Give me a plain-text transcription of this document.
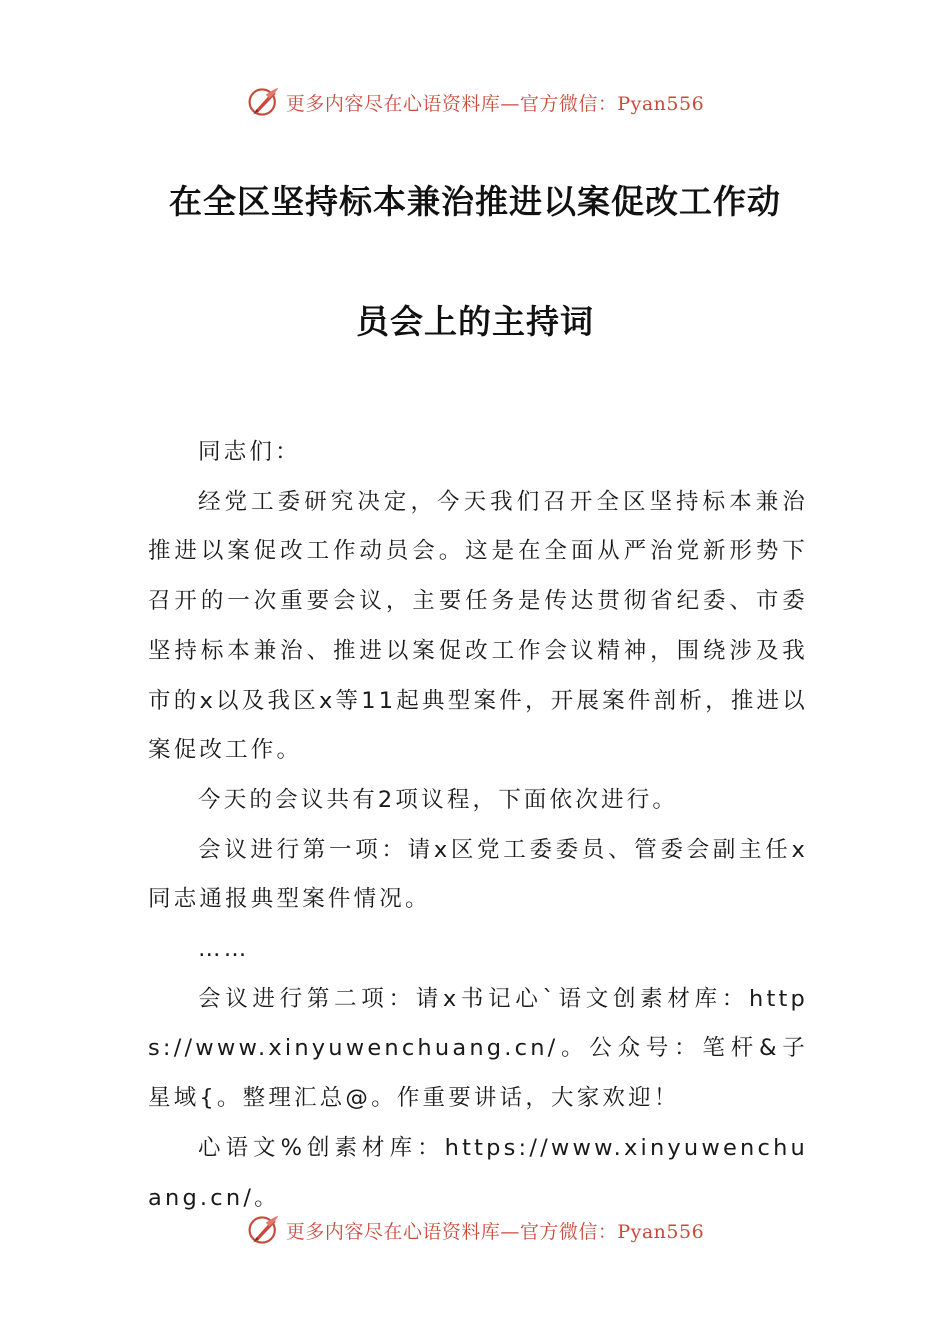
更多内容尽在心语资料库—官方微信：Pyan556
在全区坚持标本兼治推进以案促改工作动
员会上的主持词

同志们：

经党工委研究决定，今天我们召开全区坚持标本兼治推进以案促改工作动员会。这是在全面从严治党新形势下召开的一次重要会议，主要任务是传达贯彻省纪委、市委坚持标本兼治、推进以案促改工作会议精神，围绕涉及我市的x以及我区x等11起典型案件，开展案件剖析，推进以案促改工作。

今天的会议共有2项议程，下面依次进行。

会议进行第一项：请x区党工委委员、管委会副主任x同志通报典型案件情况。

……

会议进行第二项：请x书记心`语文创素材库：https://www.xinyuwenchuang.cn/。公众号：笔杆&子星域{。整理汇总@。作重要讲话，大家欢迎！

心语文%创素材库：https://www.xinyuwenchuang.cn/。

更多内容尽在心语资料库—官方微信：Pyan556
